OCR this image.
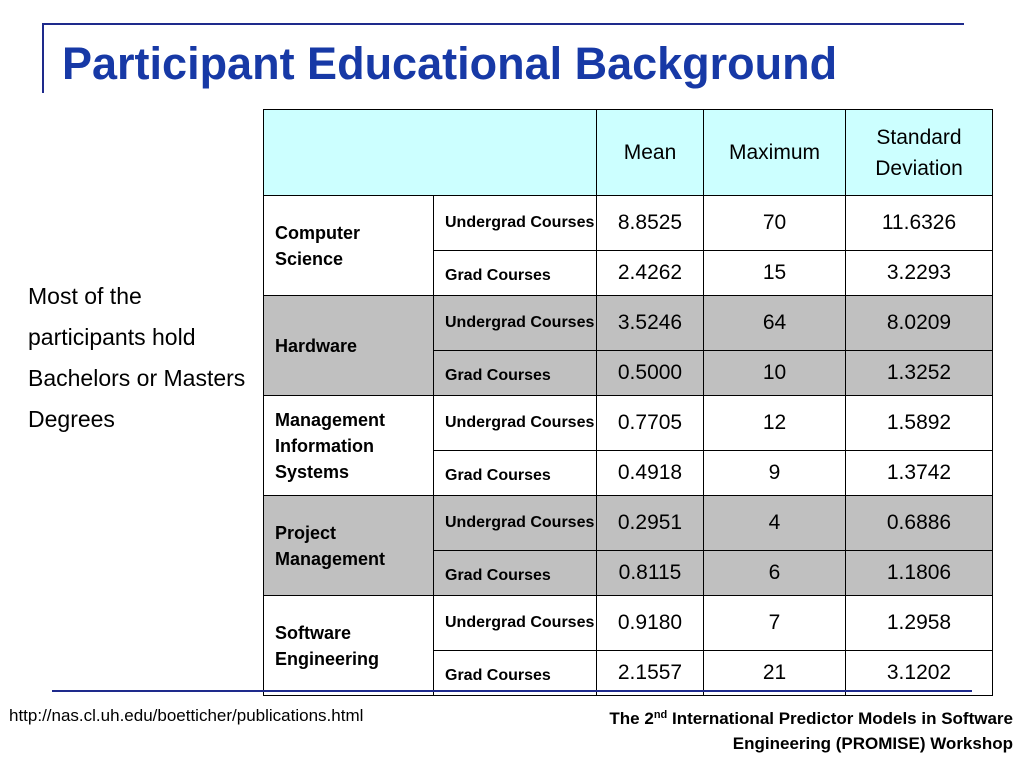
Participant Educational Background
Most of the participants hold Bachelors or Masters Degrees
		Mean	Maximum	Standard Deviation
Computer Science	Undergrad Courses	8.8525	70	11.6326
	Grad Courses	2.4262	15	3.2293
Hardware	Undergrad Courses	3.5246	64	8.0209
	Grad Courses	0.5000	10	1.3252
Management Information Systems	Undergrad Courses	0.7705	12	1.5892
	Grad Courses	0.4918	9	1.3742
Project Management	Undergrad Courses	0.2951	4	0.6886
	Grad Courses	0.8115	6	1.1806
Software Engineering	Undergrad Courses	0.9180	7	1.2958
	Grad Courses	2.1557	21	3.1202
http://nas.cl.uh.edu/boetticher/publications.html	The 2nd International Predictor Models in Software
Engineering (PROMISE) Workshop
